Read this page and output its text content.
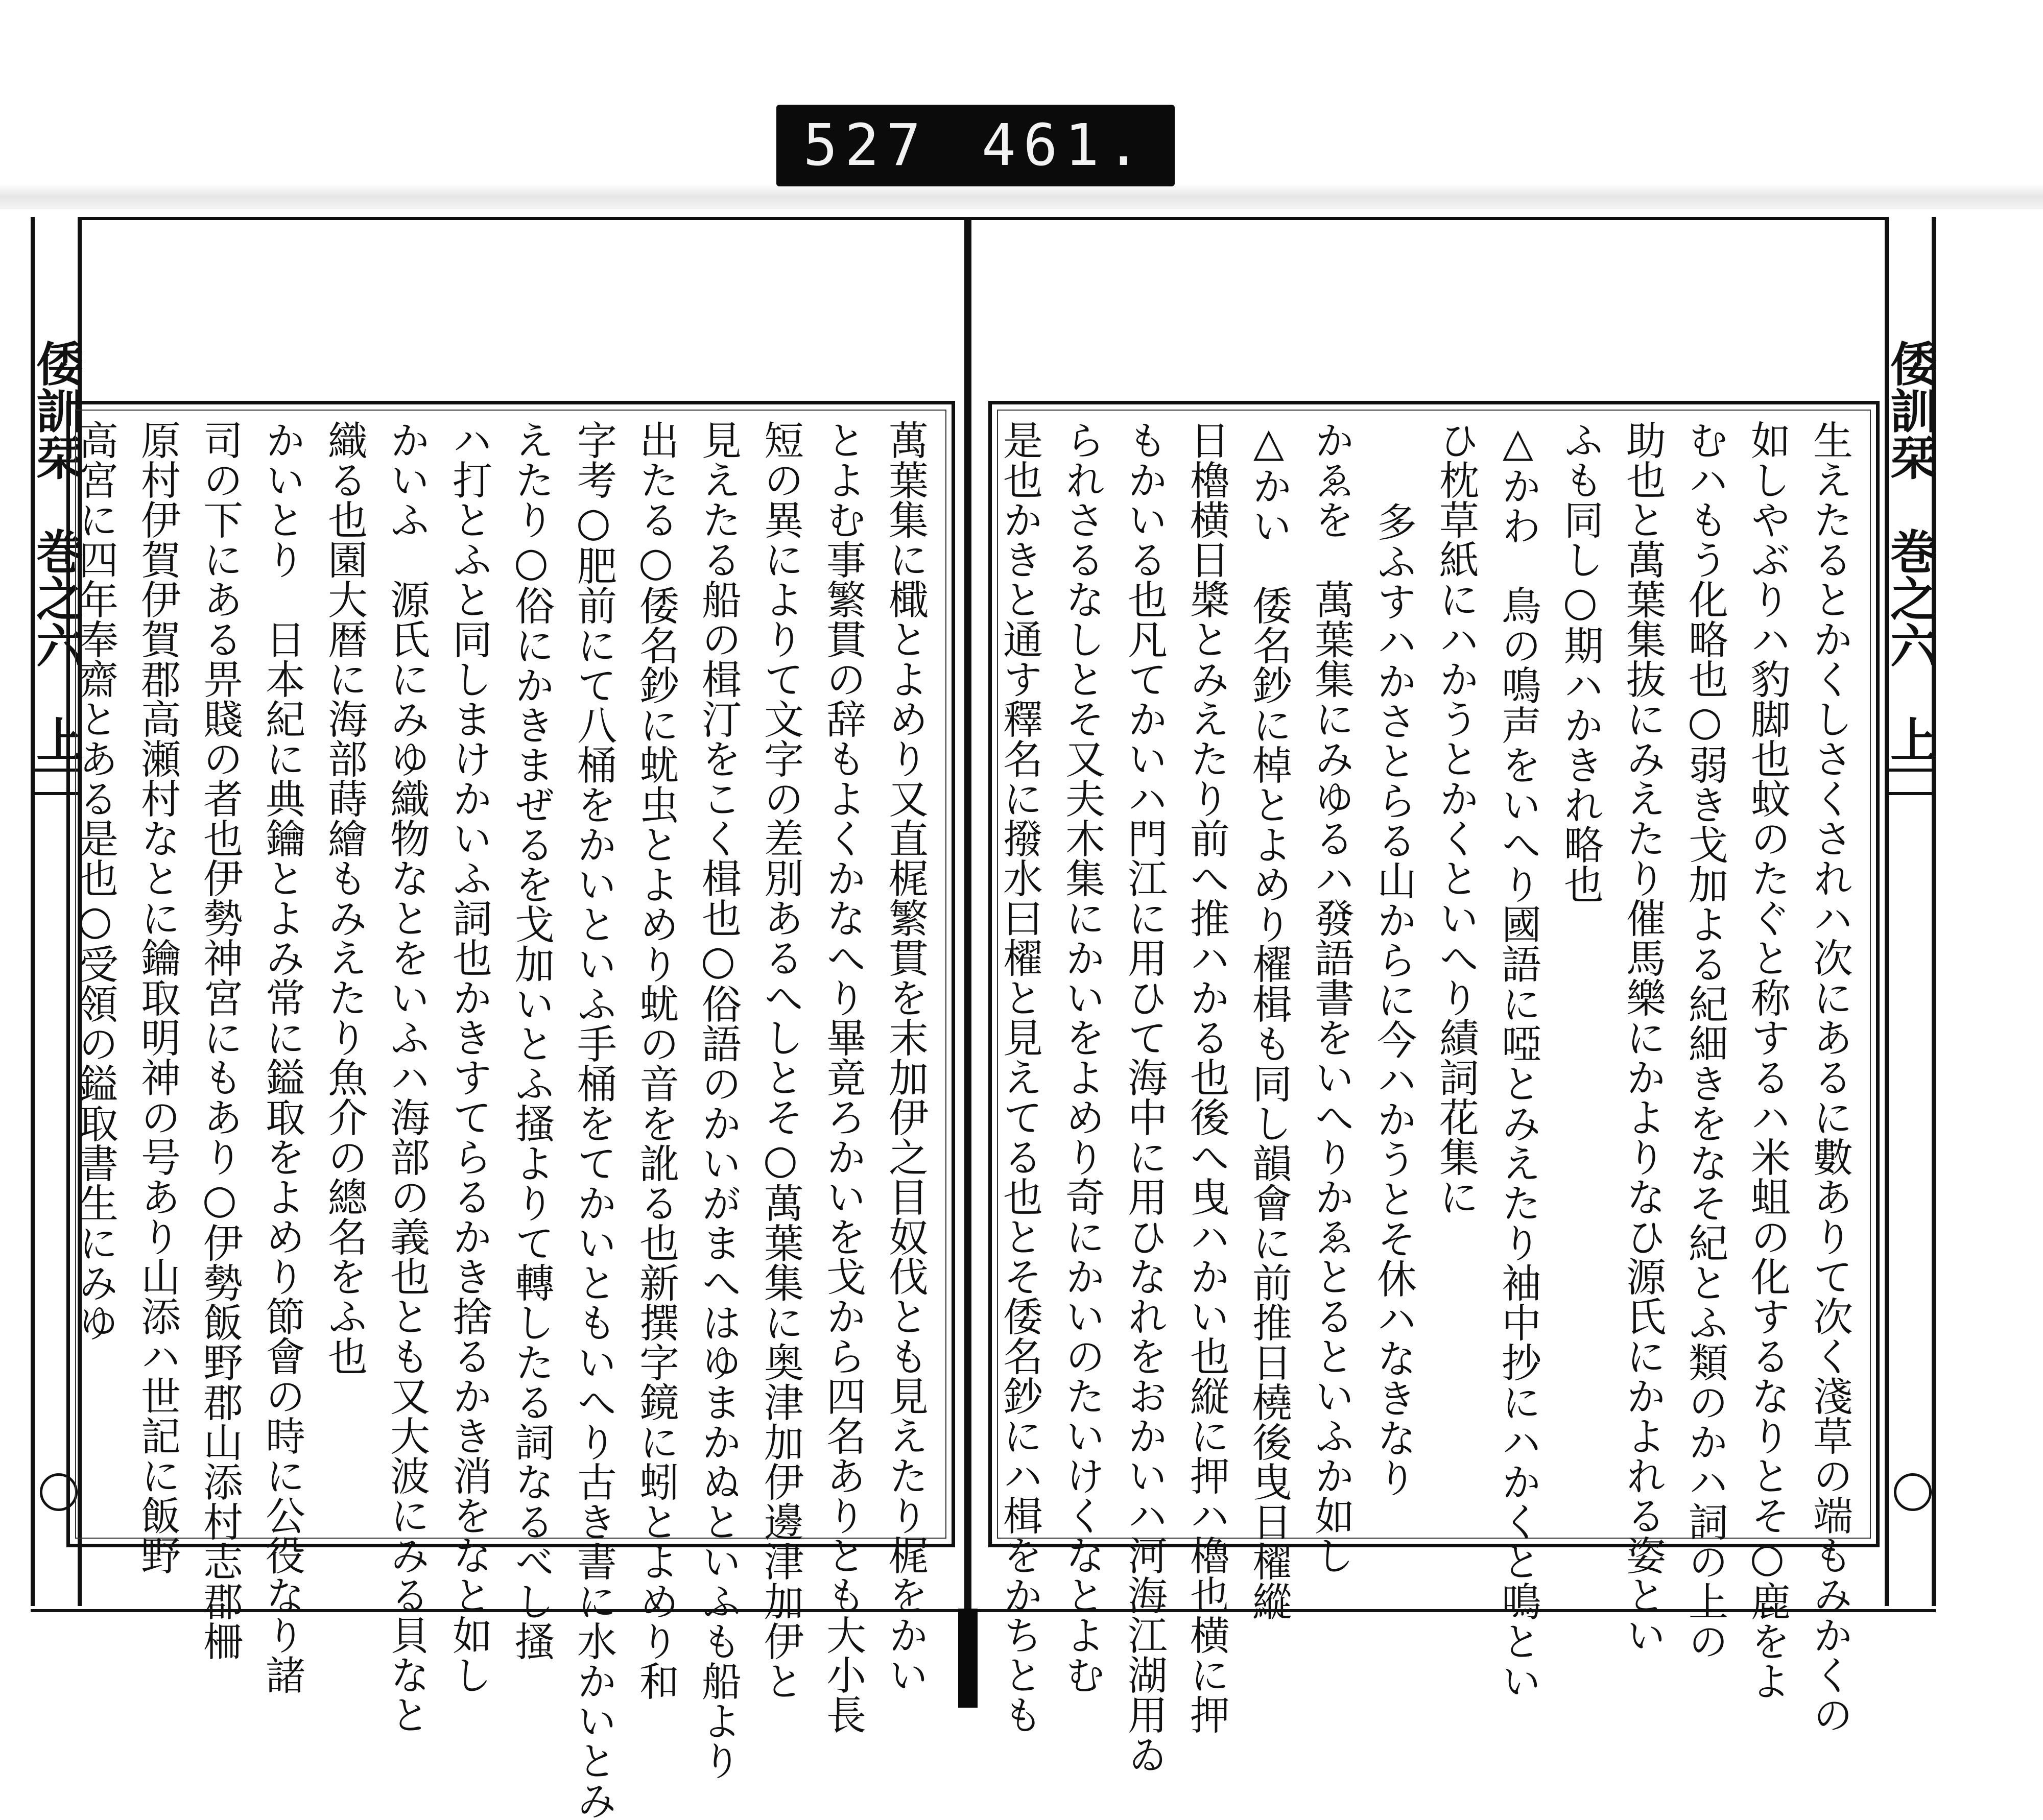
527 461.
倭訓栞　巻之六　上	倭訓栞　巻之六　上
萬葉集に檝とよめり又直梶繁貫を末加伊之目奴伐とも見えたり梶をかい
とよむ事繁貫の辞もよくかなへり畢竟ろかいを戈から四名ありとも大小長
短の異によりて文字の差別あるへしとそ○萬葉集に奥津加伊邊津加伊と
見えたる船の楫汀をこく楫也○俗語のかいがまへはゆまかぬといふも船より
出たる○倭名鈔に蚘虫とよめり蚘の音を訛る也新撰字鏡に蚓とよめり和
字考○肥前にて八桶をかいといふ手桶をてかいともいへり古き書に水かいとみ
えたり○俗にかきまぜるを戈加いとふ搔よりて轉したる詞なるべし搔
ハ打とふと同しまけかいふ詞也かきすてらるかき捨るかき消をなと如し
かいふ　源氏にみゆ織物なとをいふハ海部の義也とも又大波にみる貝なと
織る也園大暦に海部蒔繪もみえたり魚介の總名をふ也
かいとり　日本紀に典鑰とよみ常に鎰取をよめり節會の時に公役なり諸
司の下にある畀賤の者也伊勢神宮にもあり○伊勢飯野郡山添村志郡柵
原村伊賀伊賀郡高瀬村なとに鑰取明神の号あり山添ハ世記に飯野
高宮に四年奉齋とある是也○受領の鎰取書生にみゆ	生えたるとかくしさくされハ次にあるに數ありて次く淺草の端もみかくの
如しやぶりハ豹脚也蚊のたぐと称するハ米蛆の化するなりとそ○鹿をよ
むハもう化略也○弱き戈加よる紀細きをなそ紀とふ類のかハ詞の上の
助也と萬葉集抜にみえたり催馬樂にかよりなひ源氏にかよれる姿とい
ふも同し○期ハかきれ略也
△かわ　鳥の鳴声をいへり國語に啞とみえたり袖中抄にハかくと鳴とい
ひ枕草紙にハかうとかくといへり績詞花集に
多ふすハかさとらる山からに今ハかうとそ休ハなきなり
かゑを　萬葉集にみゆるハ發語書をいへりかゑとるといふか如し
△かい　倭名鈔に棹とよめり櫂楫も同し韻會に前推日橈後曳日櫂縱
日櫓横日槳とみえたり前へ推ハかる也後へ曳ハかい也縦に押ハ櫓也横に押
もかいる也凡てかいハ門江に用ひて海中に用ひなれをおかいハ河海江湖用ゐ
られさるなしとそ又夫木集にかいをよめり奇にかいのたいけくなとよむ
是也かきと通す釋名に撥水曰櫂と見えてる也とそ倭名鈔にハ楫をかちとも
